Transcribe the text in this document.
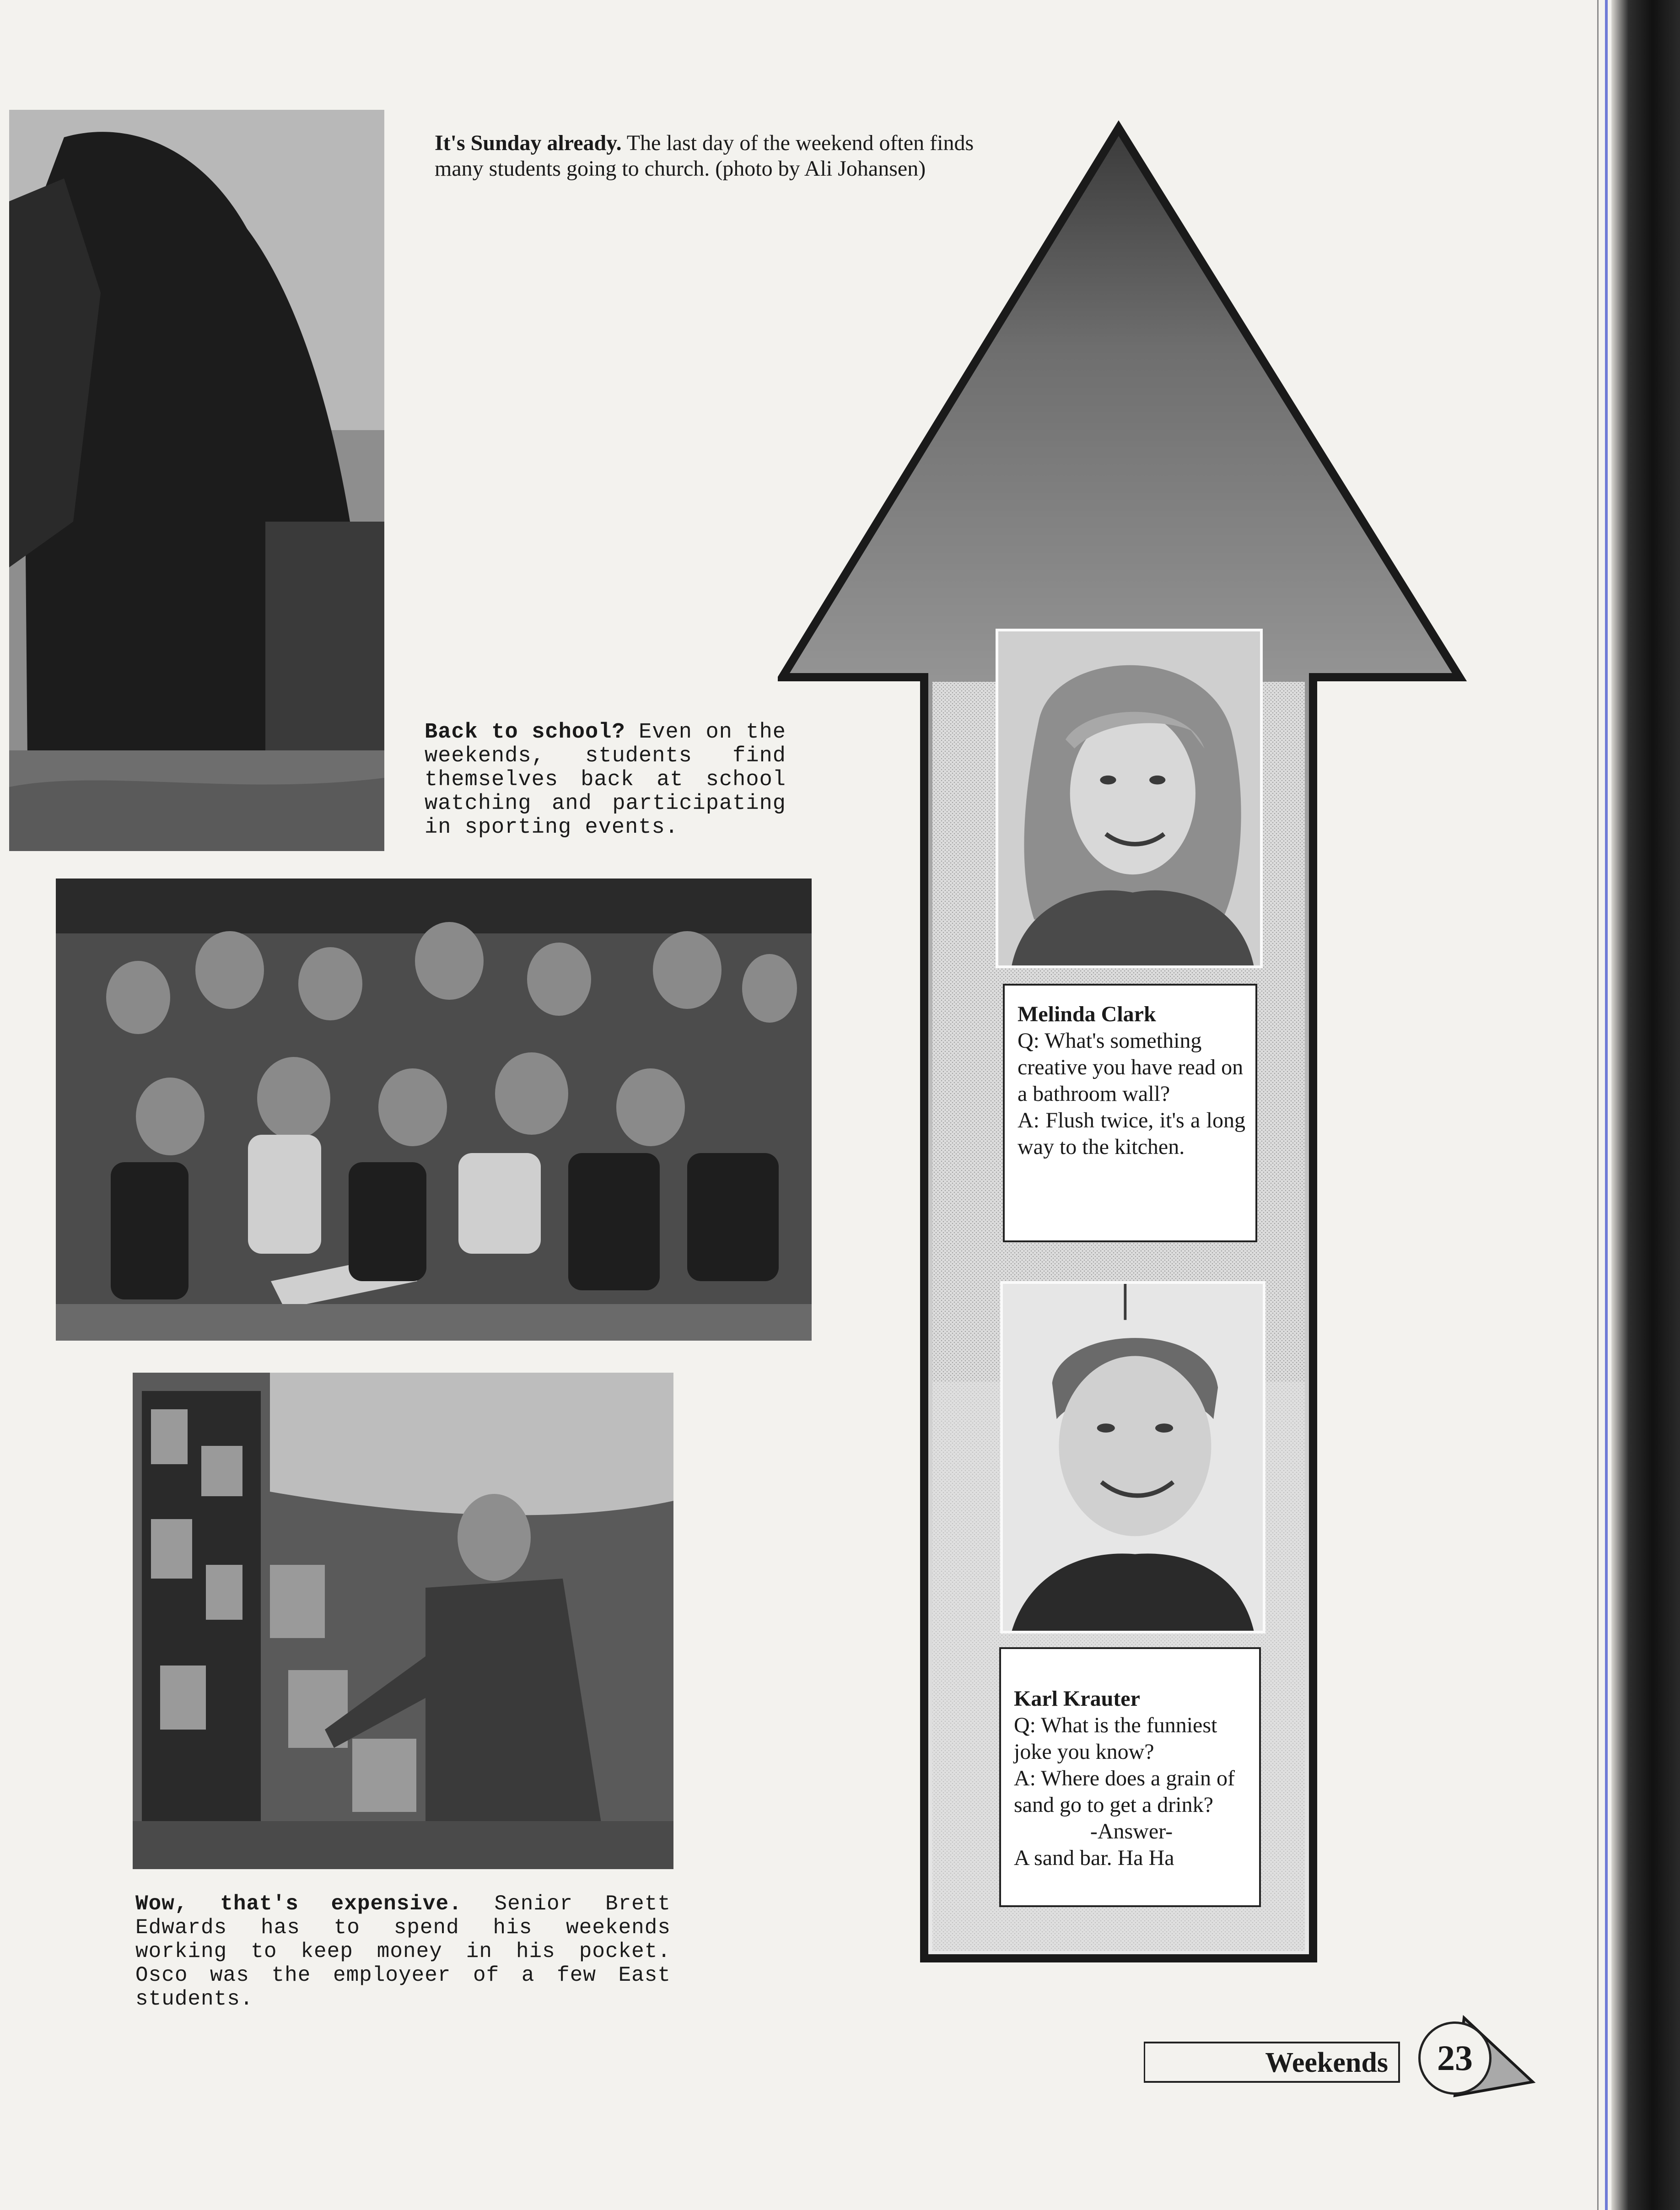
It's Sunday already. The last day of the weekend often finds many students going to church. (photo by Ali Johansen)
Back to school? Even on the weekends, students find themselves back at school watching and participating in sporting events.
Wow, that's expensive. Senior Brett Edwards has to spend his weekends working to keep money in his pocket. Osco was the employeer of a few East students.
Melinda Clark
Q: What's something creative you have read on a bathroom wall?
A: Flush twice, it's a long way to the kitchen.
Karl Krauter
Q: What is the funniest joke you know?
A: Where does a grain of sand go to get a drink?
-Answer-
A sand bar. Ha Ha
Weekends	23
